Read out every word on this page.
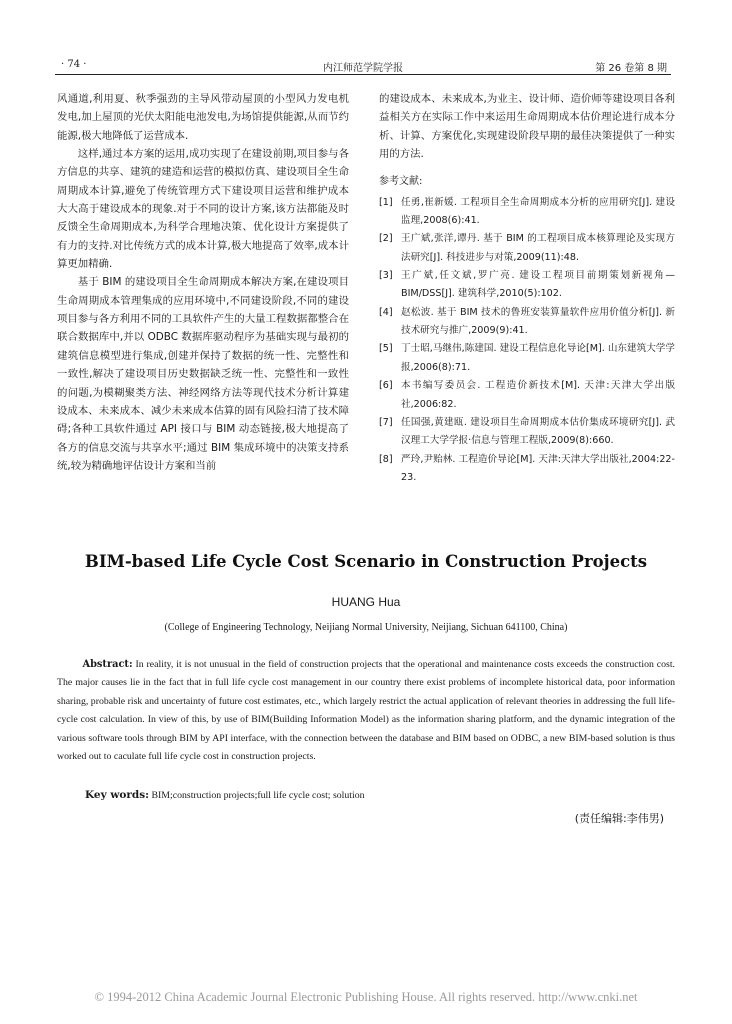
· 74 ·	内江师范学院学报	第 26 卷第 8 期

风通道,利用夏、秋季强劲的主导风带动屋顶的小型风力发电机发电,加上屋顶的光伏太阳能电池发电,为场馆提供能源,从而节约能源,极大地降低了运营成本.

这样,通过本方案的运用,成功实现了在建设前期,项目参与各方信息的共享、建筑的建造和运营的模拟仿真、建设项目全生命周期成本计算,避免了传统管理方式下建设项目运营和维护成本大大高于建设成本的现象.对于不同的设计方案,该方法都能及时反馈全生命周期成本,为科学合理地决策、优化设计方案提供了有力的支持.对比传统方式的成本计算,极大地提高了效率,成本计算更加精确.

基于 BIM 的建设项目全生命周期成本解决方案,在建设项目生命周期成本管理集成的应用环境中,不同建设阶段,不同的建设项目参与各方利用不同的工具软件产生的大量工程数据都整合在联合数据库中,并以 ODBC 数据库驱动程序为基础实现与最初的建筑信息模型进行集成,创建并保持了数据的统一性、完整性和一致性,解决了建设项目历史数据缺乏统一性、完整性和一致性的问题,为模糊聚类方法、神经网络方法等现代技术分析计算建设成本、未来成本、减少未来成本估算的固有风险扫清了技术障碍;各种工具软件通过 API 接口与 BIM 动态链接,极大地提高了各方的信息交流与共享水平;通过 BIM 集成环境中的决策支持系统,较为精确地评估设计方案和当前

的建设成本、未来成本,为业主、设计师、造价师等建设项目各利益相关方在实际工作中来运用生命周期成本估价理论进行成本分析、计算、方案优化,实现建设阶段早期的最佳决策提供了一种实用的方法.

参考文献:
[1] 任勇,崔新媛. 工程项目全生命周期成本分析的应用研究[J]. 建设监理,2008(6):41.
[2] 王广斌,张洋,谭丹. 基于 BIM 的工程项目成本核算理论及实现方法研究[J]. 科技进步与对策,2009(11):48.
[3] 王广斌,任文斌,罗广亮. 建设工程项目前期策划新视角—BIM/DSS[J]. 建筑科学,2010(5):102.
[4] 赵松波. 基于 BIM 技术的鲁班安装算量软件应用价值分析[J]. 新技术研究与推广,2009(9):41.
[5] 丁士昭,马继伟,陈建国. 建设工程信息化导论[M]. 山东建筑大学学报,2006(8):71.
[6] 本书编写委员会. 工程造价新技术[M]. 天津:天津大学出版社,2006:82.
[7] 任国强,黄建瓯. 建设项目生命周期成本估价集成环境研究[J]. 武汉理工大学学报·信息与管理工程版,2009(8):660.
[8] 严玲,尹贻林. 工程造价导论[M]. 天津:天津大学出版社,2004:22-23.
BIM-based Life Cycle Cost Scenario in Construction Projects
HUANG Hua
(College of Engineering Technology, Neijiang Normal University, Neijiang, Sichuan 641100, China)

Abstract: In reality, it is not unusual in the field of construction projects that the operational and maintenance costs exceeds the construction cost. The major causes lie in the fact that in full life cycle cost management in our country there exist problems of incomplete historical data, poor information sharing, probable risk and uncertainty of future cost estimates, etc., which largely restrict the actual application of relevant theories in addressing the full life-cycle cost calculation. In view of this, by use of BIM(Building Information Model) as the information sharing platform, and the dynamic integration of the various software tools through BIM by API interface, with the connection between the database and BIM based on ODBC, a new BIM-based solution is thus worked out to caculate full life cycle cost in construction projects.

Key words: BIM;construction projects;full life cycle cost; solution
(责任编辑:李伟男)
© 1994-2012 China Academic Journal Electronic Publishing House. All rights reserved. http://www.cnki.net
